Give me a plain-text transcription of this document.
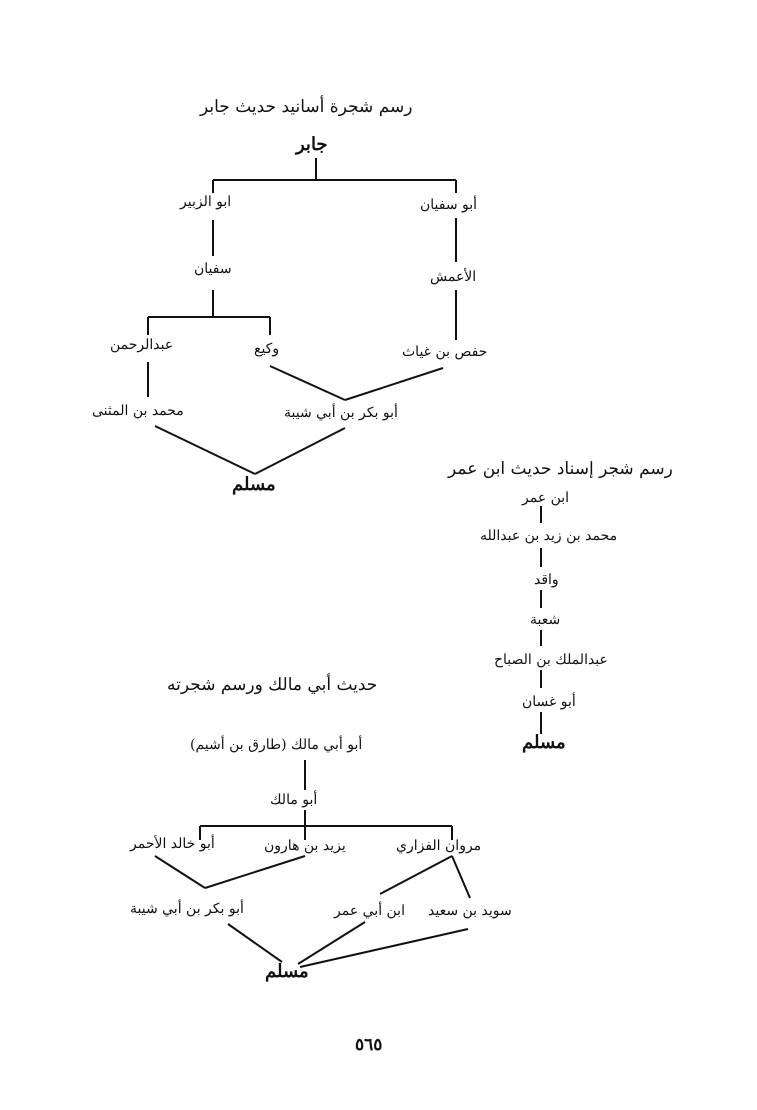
رسم شجرة أسانيد حديث جابر
جابر
ابو الزبير	أبو سفيان
سفيان	الأعمش
عبدالرحمن	وكيع	حفص بن غياث
محمد بن المثنى	أبو بكر بن أبي شيبة
مسلم
رسم شجر إسناد حديث ابن عمر
ابن عمر
محمد بن زيد بن عبدالله
واقد
شعبة
عبدالملك بن الصباح
أبو غسان
مسلم
حديث أبي مالك ورسم شجرته
أبو أبي مالك (طارق بن أشيم)
أبو مالك
أبو خالد الأحمر	يزيد بن هارون	مروان الفزاري
أبو بكر بن أبي شيبة	ابن أبي عمر سويد بن سعيد
مسلم
٥٦٥
